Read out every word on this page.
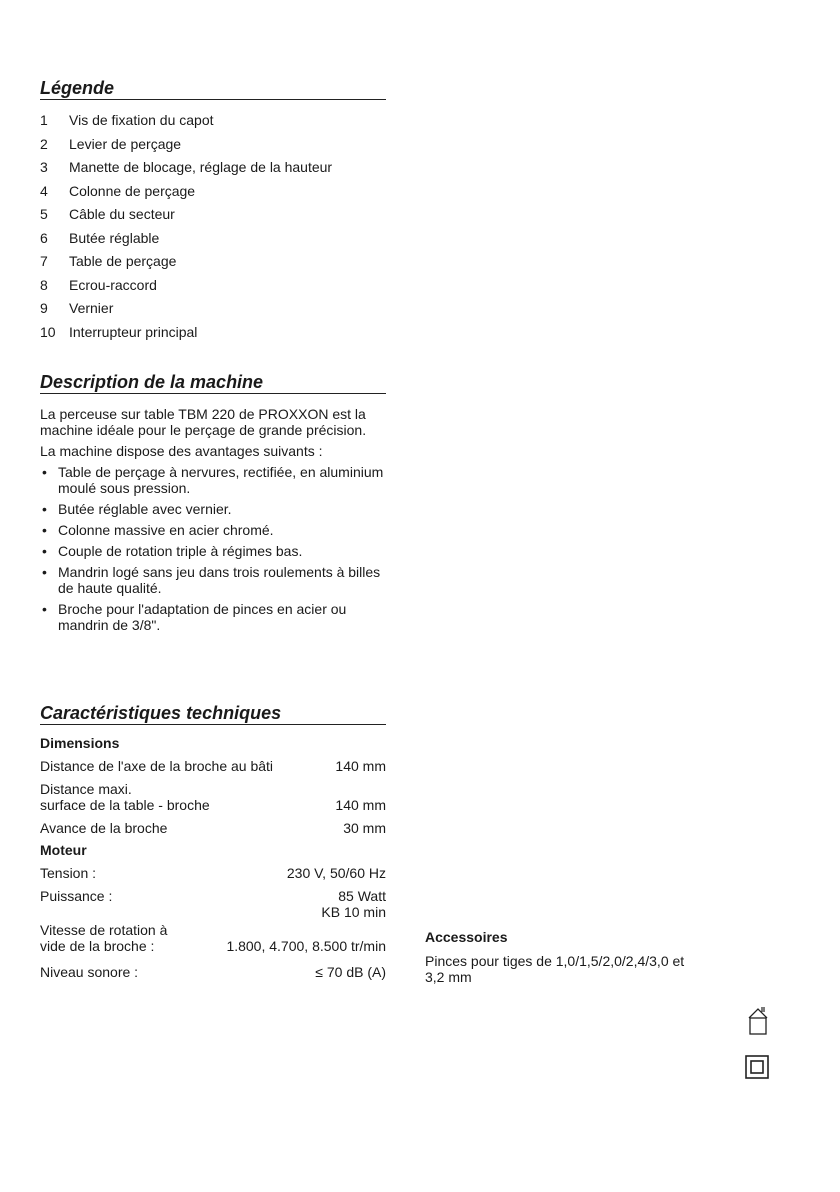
Légende
1	Vis de fixation du capot
2	Levier de perçage
3	Manette de blocage, réglage de la hauteur
4	Colonne de perçage
5	Câble du secteur
6	Butée réglable
7	Table de perçage
8	Ecrou-raccord
9	Vernier
10 Interrupteur principal
Description de la machine

La perceuse sur table TBM 220 de PROXXON est la machine idéale pour le perçage de grande précision.

La machine dispose des avantages suivants :

• Table de perçage à nervures, rectifiée, en aluminium moulé sous pression.
• Butée réglable avec vernier.
• Colonne massive en acier chromé.
• Couple de rotation triple à régimes bas.
• Mandrin logé sans jeu dans trois roulements à billes de haute qualité.
• Broche pour l'adaptation de pinces en acier ou mandrin de 3/8".
Caractéristiques techniques
Dimensions
Distance de l'axe de la broche au bâti	140 mm
Distance maxi.
surface de la table - broche	140 mm
Avance de la broche	30 mm
Moteur
Tension :	230 V, 50/60 Hz
Puissance :	85 Watt
KB 10 min
Vitesse de rotation à
vide de la broche :	1.800, 4.700, 8.500 tr/min
Niveau sonore :	≤ 70 dB (A)
Accessoires
Pinces pour tiges de 1,0/1,5/2,0/2,4/3,0 et
3,2 mm
